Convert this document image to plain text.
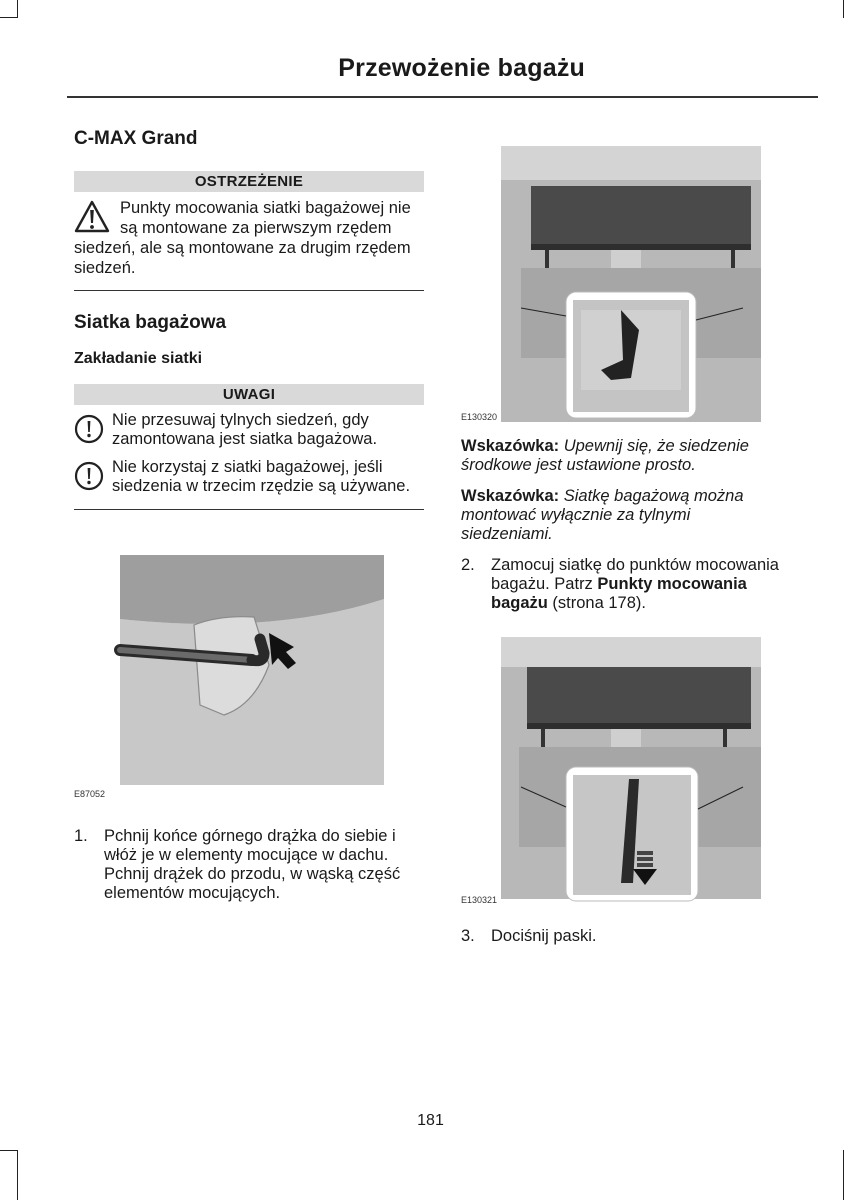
Przewożenie bagażu
C-MAX Grand
OSTRZEŻENIE
Punkty mocowania siatki bagażowej nie są montowane za pierwszym rzędem siedzeń, ale są montowane za drugim rzędem siedzeń.
Siatka bagażowa
Zakładanie siatki
UWAGI
Nie przesuwaj tylnych siedzeń, gdy zamontowana jest siatka bagażowa.
Nie korzystaj z siatki bagażowej, jeśli siedzenia w trzecim rzędzie są używane.
E87052
1. Pchnij końce górnego drążka do siebie i włóż je w elementy mocujące w dachu. Pchnij drążek do przodu, w wąską część elementów mocujących.
E130320
Wskazówka: Upewnij się, że siedzenie środkowe jest ustawione prosto.
Wskazówka: Siatkę bagażową można montować wyłącznie za tylnymi siedzeniami.
2. Zamocuj siatkę do punktów mocowania bagażu. Patrz Punkty mocowania bagażu (strona 178).
E130321
3. Dociśnij paski.
181
